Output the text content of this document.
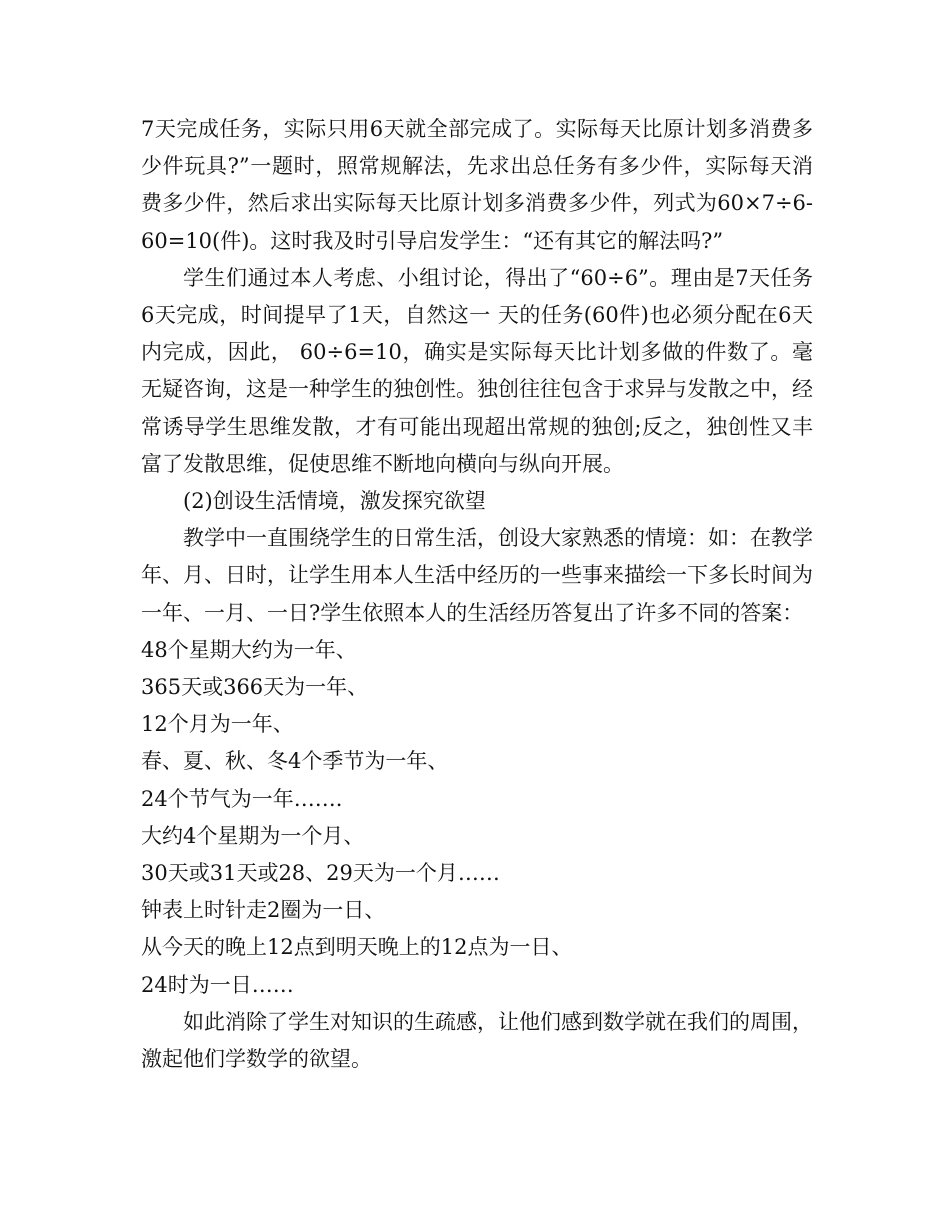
7天完成任务，实际只用6天就全部完成了。实际每天比原计划多消费多少件玩具?”一题时，照常规解法，先求出总任务有多少件，实际每天消费多少件，然后求出实际每天比原计划多消费多少件，列式为60×7÷6-60=10(件)。这时我及时引导启发学生：“还有其它的解法吗?”

学生们通过本人考虑、小组讨论，得出了“60÷6”。理由是7天任务6天完成，时间提早了1天，自然这一 天的任务(60件)也必须分配在6天内完成，因此， 60÷6=10，确实是实际每天比计划多做的件数了。毫无疑咨询，这是一种学生的独创性。独创往往包含于求异与发散之中，经常诱导学生思维发散，才有可能出现超出常规的独创;反之，独创性又丰富了发散思维，促使思维不断地向横向与纵向开展。

(2)创设生活情境，激发探究欲望

教学中一直围绕学生的日常生活，创设大家熟悉的情境：如：在教学年、月、日时，让学生用本人生活中经历的一些事来描绘一下多长时间为一年、一月、一日?学生依照本人的生活经历答复出了许多不同的答案：

48个星期大约为一年、

365天或366天为一年、

12个月为一年、

春、夏、秋、冬4个季节为一年、

24个节气为一年…….

大约4个星期为一个月、

30天或31天或28、29天为一个月……

钟表上时针走2圈为一日、

从今天的晚上12点到明天晚上的12点为一日、

24时为一日……

如此消除了学生对知识的生疏感，让他们感到数学就在我们的周围，激起他们学数学的欲望。
